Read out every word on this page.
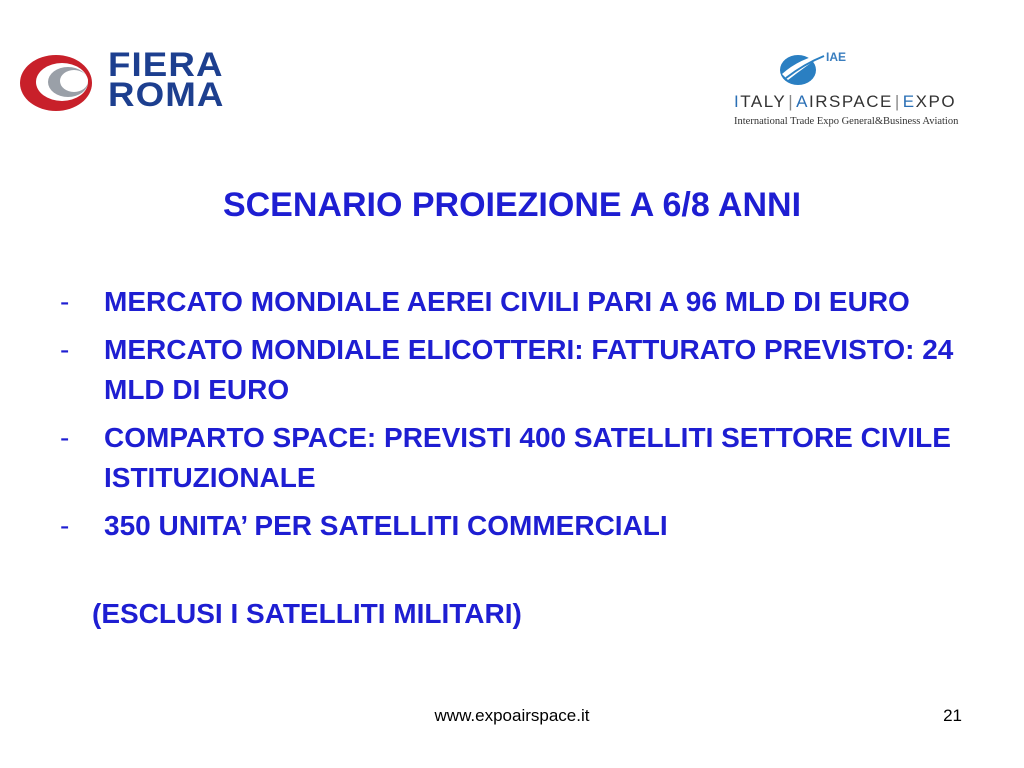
FIERA
ROMA
IAE
ITALY | AIRSPACE | EXPO
International Trade Expo General&Business Aviation
SCENARIO PROIEZIONE A 6/8 ANNI
- MERCATO MONDIALE AEREI CIVILI PARI A 96 MLD DI EURO
- MERCATO MONDIALE ELICOTTERI: FATTURATO PREVISTO: 24 MLD DI EURO
- COMPARTO SPACE: PREVISTI 400 SATELLITI SETTORE CIVILE ISTITUZIONALE
- 350 UNITA’ PER SATELLITI COMMERCIALI
(ESCLUSI I SATELLITI MILITARI)
www.expoairspace.it	21
